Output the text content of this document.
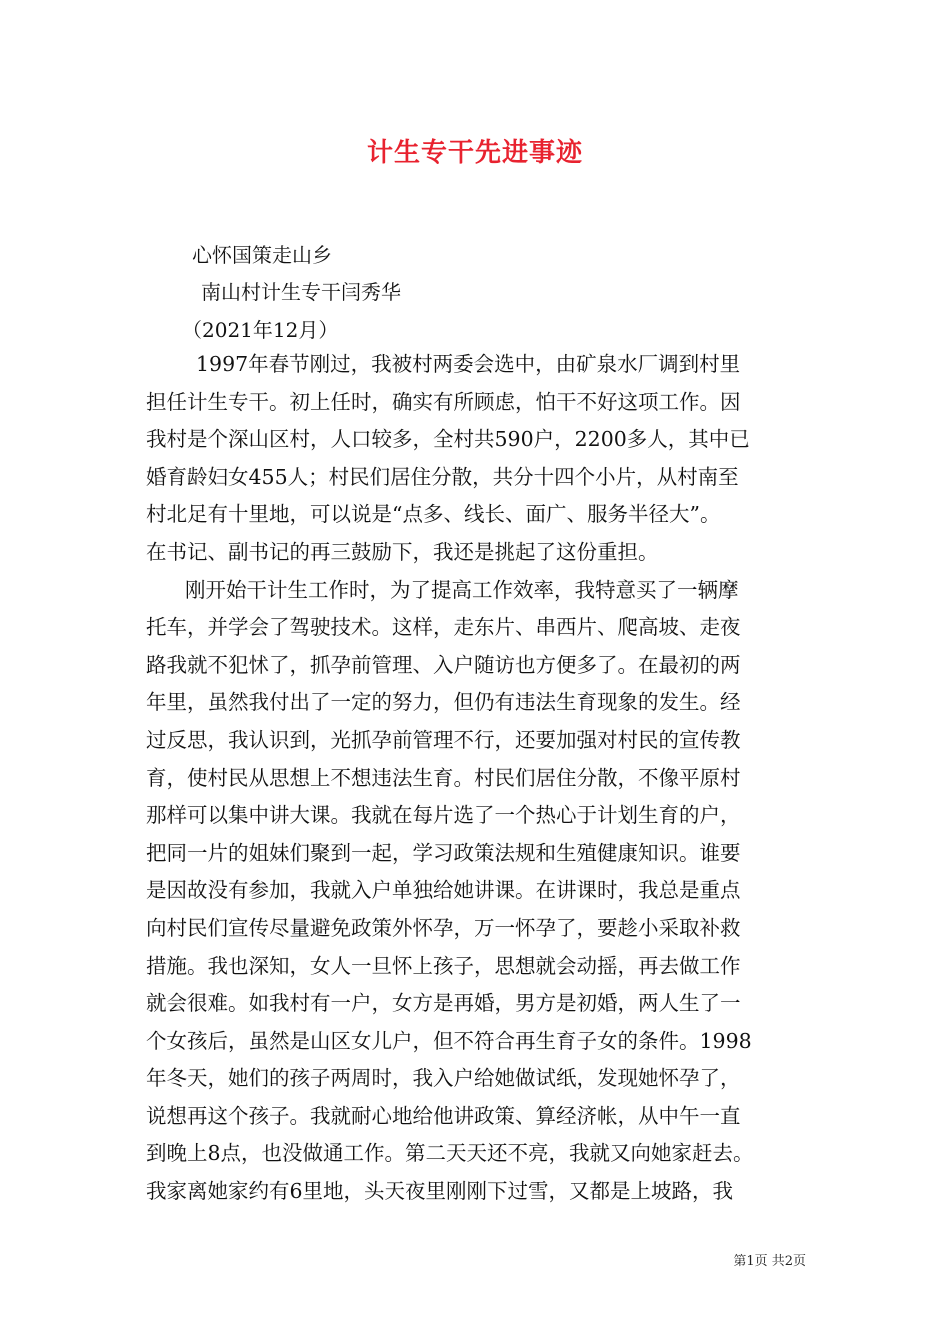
计生专干先进事迹
心怀国策走山乡
南山村计生专干闫秀华
（2021年12月）
1997年春节刚过，我被村两委会选中，由矿泉水厂调到村里
担任计生专干。初上任时，确实有所顾虑，怕干不好这项工作。因
我村是个深山区村，人口较多，全村共590户，2200多人，其中已
婚育龄妇女455人；村民们居住分散，共分十四个小片，从村南至
村北足有十里地，可以说是“点多、线长、面广、服务半径大”。
在书记、副书记的再三鼓励下，我还是挑起了这份重担。
刚开始干计生工作时，为了提高工作效率，我特意买了一辆摩
托车，并学会了驾驶技术。这样，走东片、串西片、爬高坡、走夜
路我就不犯怵了，抓孕前管理、入户随访也方便多了。在最初的两
年里，虽然我付出了一定的努力，但仍有违法生育现象的发生。经
过反思，我认识到，光抓孕前管理不行，还要加强对村民的宣传教
育，使村民从思想上不想违法生育。村民们居住分散，不像平原村
那样可以集中讲大课。我就在每片选了一个热心于计划生育的户，
把同一片的姐妹们聚到一起，学习政策法规和生殖健康知识。谁要
是因故没有参加，我就入户单独给她讲课。在讲课时，我总是重点
向村民们宣传尽量避免政策外怀孕，万一怀孕了，要趁小采取补救
措施。我也深知，女人一旦怀上孩子，思想就会动摇，再去做工作
就会很难。如我村有一户，女方是再婚，男方是初婚，两人生了一
个女孩后，虽然是山区女儿户，但不符合再生育子女的条件。1998
年冬天，她们的孩子两周时，我入户给她做试纸，发现她怀孕了，
说想再这个孩子。我就耐心地给他讲政策、算经济帐，从中午一直
到晚上8点，也没做通工作。第二天天还不亮，我就又向她家赶去。
我家离她家约有6里地，头天夜里刚刚下过雪，又都是上坡路，我
第1页 共2页
